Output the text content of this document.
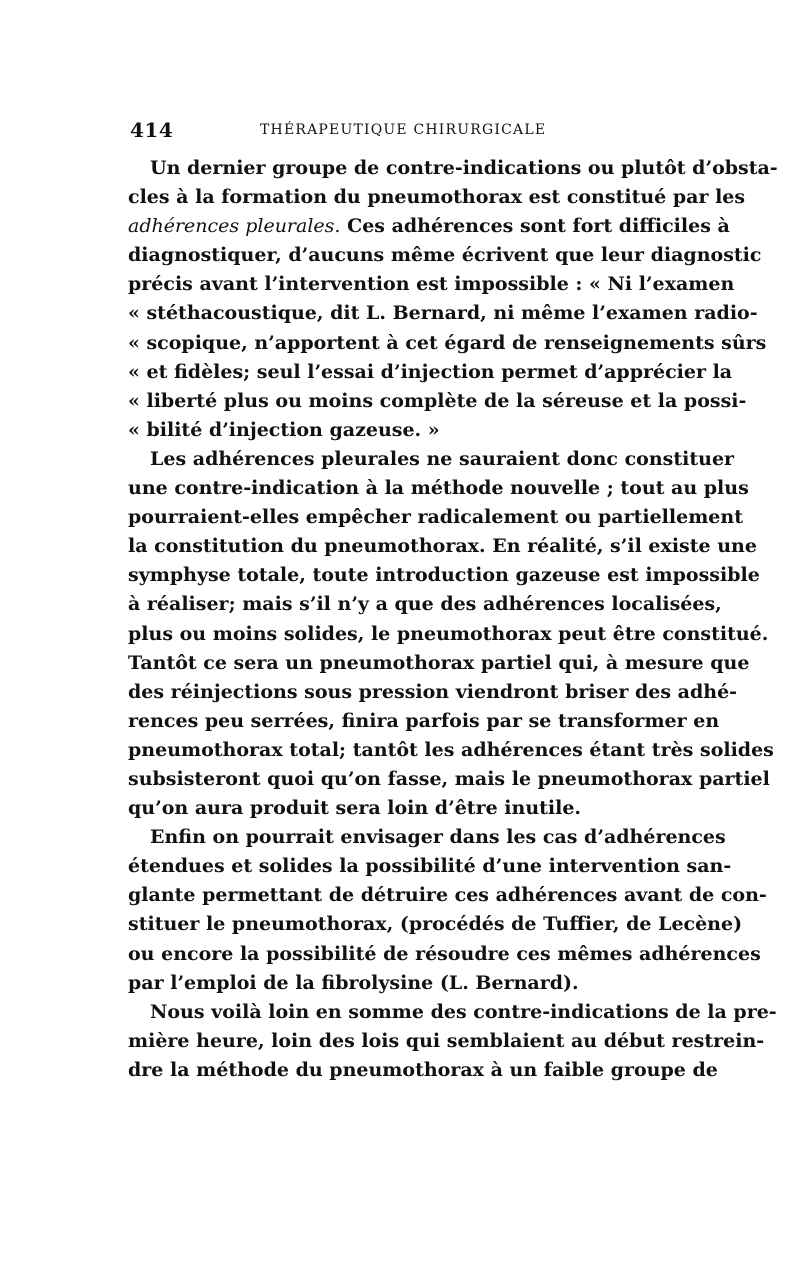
414	THÉRAPEUTIQUE CHIRURGICALE
Un dernier groupe de contre-indications ou plutôt d’obsta-
cles à la formation du pneumothorax est constitué par les
adhérences pleurales. Ces adhérences sont fort difficiles à
diagnostiquer, d’aucuns même écrivent que leur diagnostic
précis avant l’intervention est impossible : « Ni l’examen
« stéthacoustique, dit L. Bernard, ni même l’examen radio-
« scopique, n’apportent à cet égard de renseignements sûrs
« et fidèles; seul l’essai d’injection permet d’apprécier la
« liberté plus ou moins complète de la séreuse et la possi-
« bilité d’injection gazeuse. »
Les adhérences pleurales ne sauraient donc constituer
une contre-indication à la méthode nouvelle ; tout au plus
pourraient-elles empêcher radicalement ou partiellement
la constitution du pneumothorax. En réalité, s’il existe une
symphyse totale, toute introduction gazeuse est impossible
à réaliser; mais s’il n’y a que des adhérences localisées,
plus ou moins solides, le pneumothorax peut être constitué.
Tantôt ce sera un pneumothorax partiel qui, à mesure que
des réinjections sous pression viendront briser des adhé-
rences peu serrées, finira parfois par se transformer en
pneumothorax total; tantôt les adhérences étant très solides
subsisteront quoi qu’on fasse, mais le pneumothorax partiel
qu’on aura produit sera loin d’être inutile.
Enfin on pourrait envisager dans les cas d’adhérences
étendues et solides la possibilité d’une intervention san-
glante permettant de détruire ces adhérences avant de con-
stituer le pneumothorax, (procédés de Tuffier, de Lecène)
ou encore la possibilité de résoudre ces mêmes adhérences
par l’emploi de la fibrolysine (L. Bernard).
Nous voilà loin en somme des contre-indications de la pre-
mière heure, loin des lois qui semblaient au début restrein-
dre la méthode du pneumothorax à un faible groupe de
